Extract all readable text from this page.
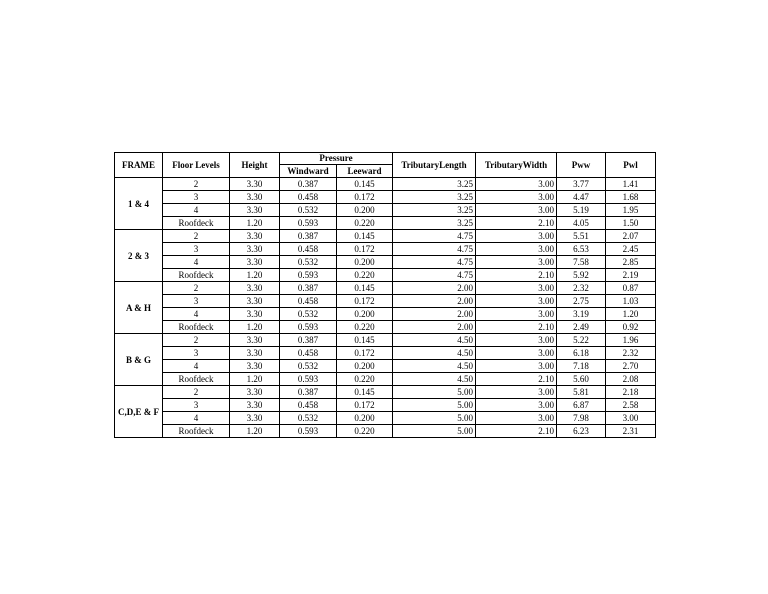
FRAME	Floor Levels	Height	Pressure		TributaryLength	TributaryWidth	Pww	Pwl
			Windward	Leeward				
1 & 4	2	3.30	0.387	0.145	3.25	3.00	3.77	1.41
	3	3.30	0.458	0.172	3.25	3.00	4.47	1.68
	4	3.30	0.532	0.200	3.25	3.00	5.19	1.95
	Roofdeck	1.20	0.593	0.220	3.25	2.10	4.05	1.50
2 & 3	2	3.30	0.387	0.145	4.75	3.00	5.51	2.07
	3	3.30	0.458	0.172	4.75	3.00	6.53	2.45
	4	3.30	0.532	0.200	4.75	3.00	7.58	2.85
	Roofdeck	1.20	0.593	0.220	4.75	2.10	5.92	2.19
A & H	2	3.30	0.387	0.145	2.00	3.00	2.32	0.87
	3	3.30	0.458	0.172	2.00	3.00	2.75	1.03
	4	3.30	0.532	0.200	2.00	3.00	3.19	1.20
	Roofdeck	1.20	0.593	0.220	2.00	2.10	2.49	0.92
B & G	2	3.30	0.387	0.145	4.50	3.00	5.22	1.96
	3	3.30	0.458	0.172	4.50	3.00	6.18	2.32
	4	3.30	0.532	0.200	4.50	3.00	7.18	2.70
	Roofdeck	1.20	0.593	0.220	4.50	2.10	5.60	2.08
C,D,E & F	2	3.30	0.387	0.145	5.00	3.00	5.81	2.18
	3	3.30	0.458	0.172	5.00	3.00	6.87	2.58
	4	3.30	0.532	0.200	5.00	3.00	7.98	3.00
	Roofdeck	1.20	0.593	0.220	5.00	2.10	6.23	2.31
